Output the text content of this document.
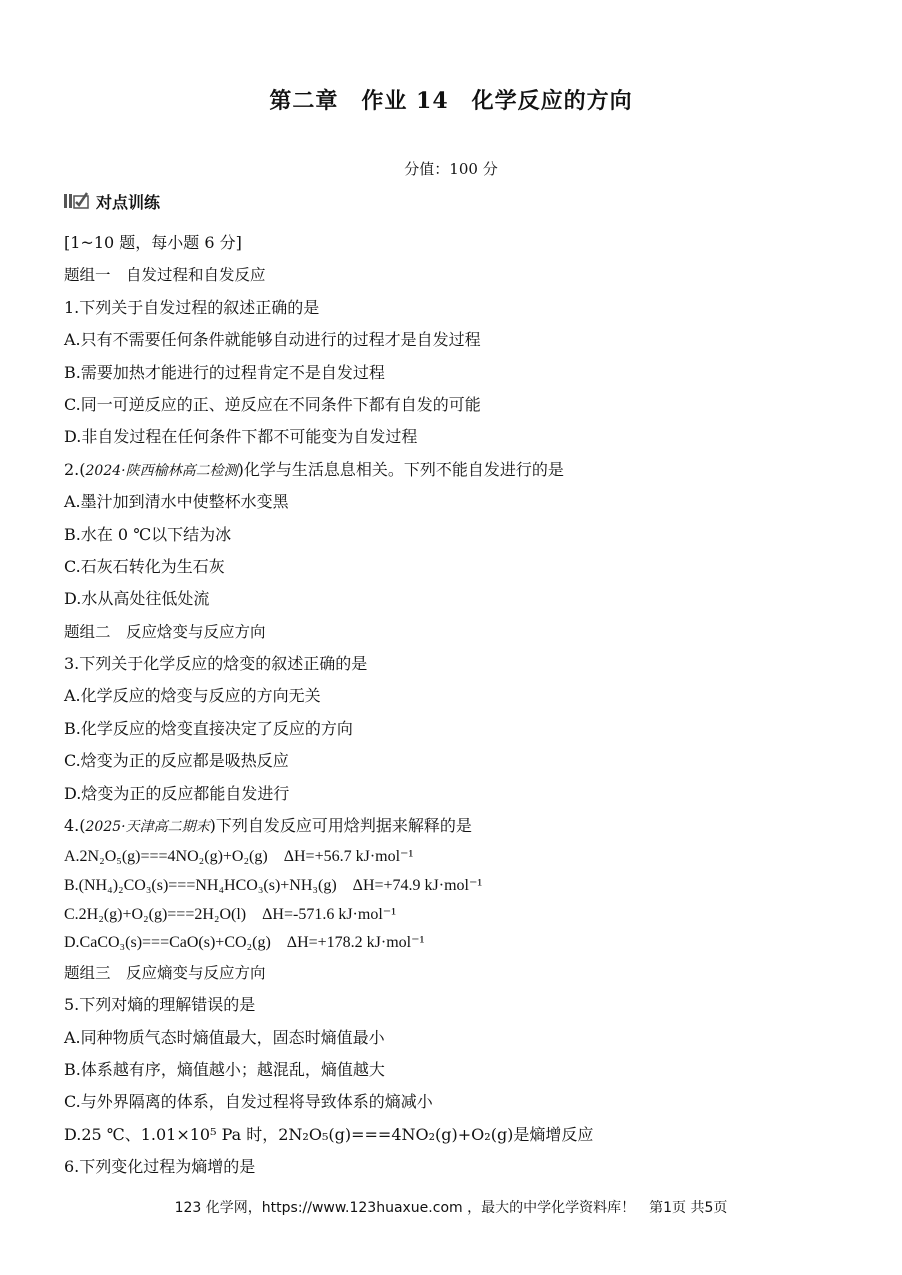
第二章　作业 14　化学反应的方向
分值：100 分
对点训练
[1~10 题，每小题 6 分]
题组一　自发过程和自发反应
1.下列关于自发过程的叙述正确的是
A.只有不需要任何条件就能够自动进行的过程才是自发过程
B.需要加热才能进行的过程肯定不是自发过程
C.同一可逆反应的正、逆反应在不同条件下都有自发的可能
D.非自发过程在任何条件下都不可能变为自发过程
2.(2024·陕西榆林高二检测)化学与生活息息相关。下列不能自发进行的是
A.墨汁加到清水中使整杯水变黑
B.水在 0 ℃以下结为冰
C.石灰石转化为生石灰
D.水从高处往低处流
题组二　反应焓变与反应方向
3.下列关于化学反应的焓变的叙述正确的是
A.化学反应的焓变与反应的方向无关
B.化学反应的焓变直接决定了反应的方向
C.焓变为正的反应都是吸热反应
D.焓变为正的反应都能自发进行
4.(2025·天津高二期末)下列自发反应可用焓判据来解释的是
A.2N₂O₅(g)===4NO₂(g)+O₂(g)　ΔH=+56.7 kJ·mol⁻¹
B.(NH₄)₂CO₃(s)===NH₄HCO₃(s)+NH₃(g)　ΔH=+74.9 kJ·mol⁻¹
C.2H₂(g)+O₂(g)===2H₂O(l)　ΔH=-571.6 kJ·mol⁻¹
D.CaCO₃(s)===CaO(s)+CO₂(g)　ΔH=+178.2 kJ·mol⁻¹
题组三　反应熵变与反应方向
5.下列对熵的理解错误的是
A.同种物质气态时熵值最大，固态时熵值最小
B.体系越有序，熵值越小；越混乱，熵值越大
C.与外界隔离的体系，自发过程将导致体系的熵减小
D.25 ℃、1.01×10⁵ Pa 时，2N₂O₅(g)===4NO₂(g)+O₂(g)是熵增反应
6.下列变化过程为熵增的是
123 化学网，https://www.123huaxue.com ，最大的中学化学资料库！　第1页 共5页
